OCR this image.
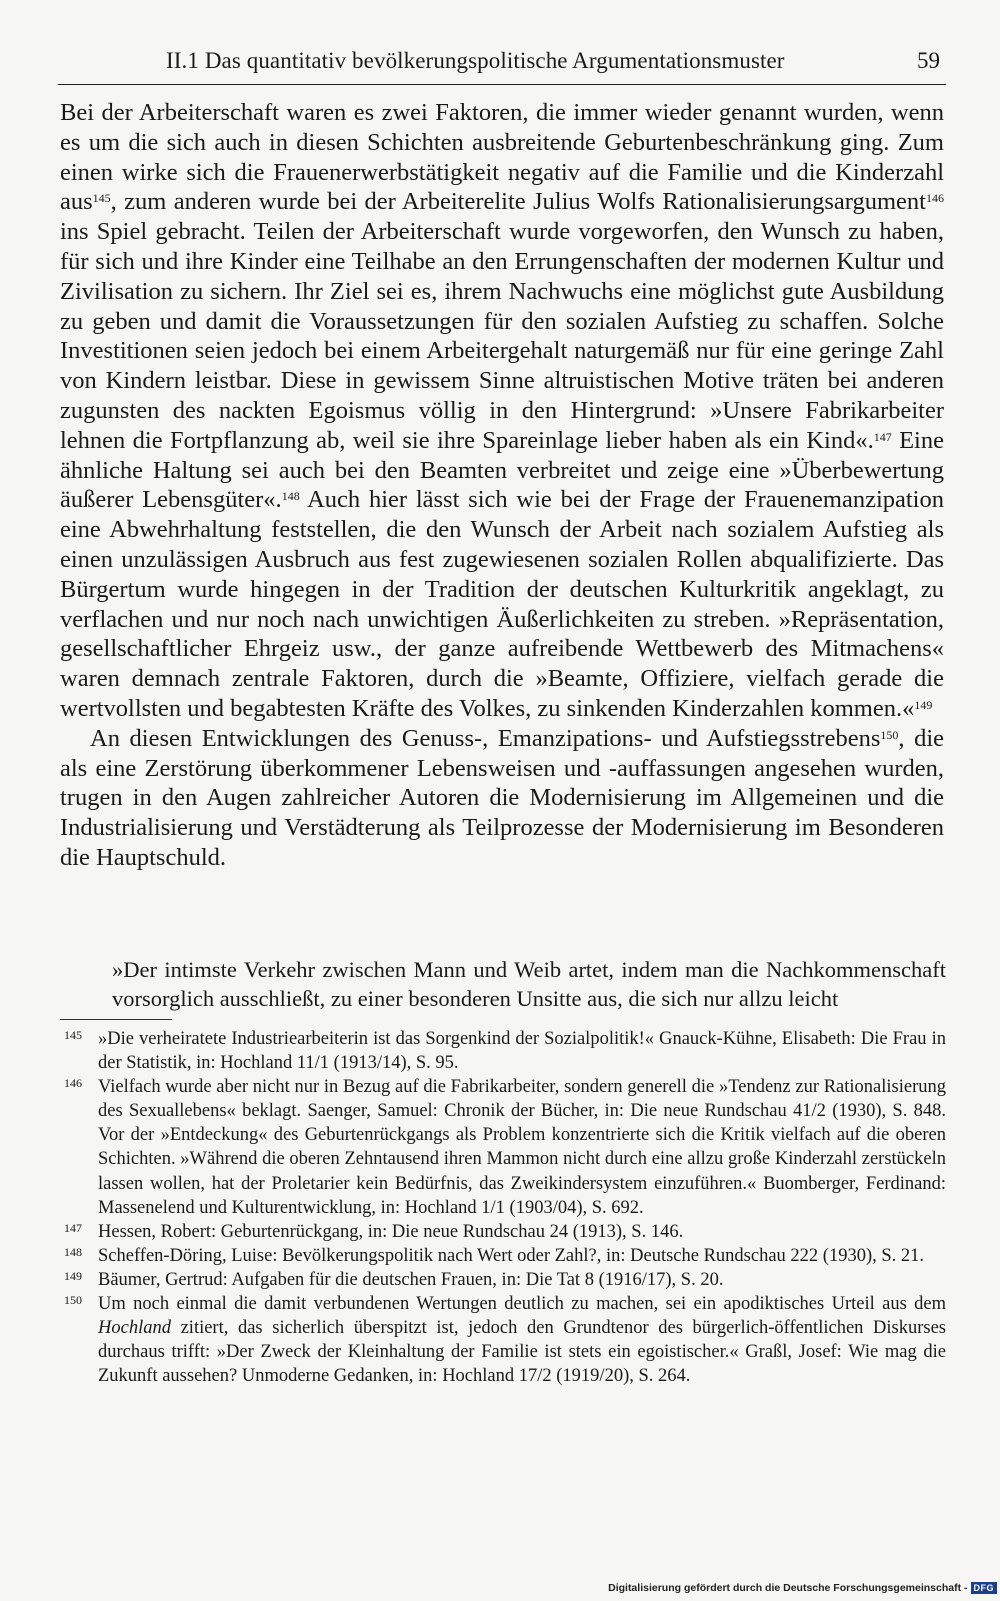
II.1 Das quantitativ bevölkerungspolitische Argumentationsmuster	59

Bei der Arbeiterschaft waren es zwei Faktoren, die immer wieder genannt wurden, wenn es um die sich auch in diesen Schichten ausbreitende Geburtenbeschränkung ging. Zum einen wirke sich die Frauenerwerbstätigkeit negativ auf die Familie und die Kinderzahl aus$^{145}$, zum anderen wurde bei der Arbeiterelite Julius Wolfs Rationalisierungsargument$^{146}$ ins Spiel gebracht. Teilen der Arbeiterschaft wurde vorgeworfen, den Wunsch zu haben, für sich und ihre Kinder eine Teilhabe an den Errungenschaften der modernen Kultur und Zivilisation zu sichern. Ihr Ziel sei es, ihrem Nachwuchs eine möglichst gute Ausbildung zu geben und damit die Voraussetzungen für den sozialen Aufstieg zu schaffen. Solche Investitionen seien jedoch bei einem Arbeitergehalt naturgemäß nur für eine geringe Zahl von Kindern leistbar. Diese in gewissem Sinne altruistischen Motive träten bei anderen zugunsten des nackten Egoismus völlig in den Hintergrund: »Unsere Fabrikarbeiter lehnen die Fortpflanzung ab, weil sie ihre Spareinlage lieber haben als ein Kind«.$^{147}$ Eine ähnliche Haltung sei auch bei den Beamten verbreitet und zeige eine »Überbewertung äußerer Lebensgüter«.$^{148}$ Auch hier lässt sich wie bei der Frage der Frauenemanzipation eine Abwehrhaltung feststellen, die den Wunsch der Arbeit nach sozialem Aufstieg als einen unzulässigen Ausbruch aus fest zugewiesenen sozialen Rollen abqualifizierte. Das Bürgertum wurde hingegen in der Tradition der deutschen Kulturkritik angeklagt, zu verflachen und nur noch nach unwichtigen Äußerlichkeiten zu streben. »Repräsentation, gesellschaftlicher Ehrgeiz usw., der ganze aufreibende Wettbewerb des Mitmachens« waren demnach zentrale Faktoren, durch die »Beamte, Offiziere, vielfach gerade die wertvollsten und begabtesten Kräfte des Volkes, zu sinkenden Kinderzahlen kommen.«$^{149}$

An diesen Entwicklungen des Genuss-, Emanzipations- und Aufstiegsstrebens$^{150}$, die als eine Zerstörung überkommener Lebensweisen und -auffassungen angesehen wurden, trugen in den Augen zahlreicher Autoren die Modernisierung im Allgemeinen und die Industrialisierung und Verstädterung als Teilprozesse der Modernisierung im Besonderen die Hauptschuld.

»Der intimste Verkehr zwischen Mann und Weib artet, indem man die Nachkommenschaft vorsorglich ausschließt, zu einer besonderen Unsitte aus, die sich nur allzu leicht
145 »Die verheiratete Industriearbeiterin ist das Sorgenkind der Sozialpolitik!« Gnauck-Kühne, Elisabeth: Die Frau in der Statistik, in: Hochland 11/1 (1913/14), S. 95.
146 Vielfach wurde aber nicht nur in Bezug auf die Fabrikarbeiter, sondern generell die »Tendenz zur Rationalisierung des Sexuallebens« beklagt. Saenger, Samuel: Chronik der Bücher, in: Die neue Rundschau 41/2 (1930), S. 848. Vor der »Entdeckung« des Geburtenrückgangs als Problem konzentrierte sich die Kritik vielfach auf die oberen Schichten. »Während die oberen Zehntausend ihren Mammon nicht durch eine allzu große Kinderzahl zerstückeln lassen wollen, hat der Proletarier kein Bedürfnis, das Zweikindersystem einzuführen.« Buomberger, Ferdinand: Massenelend und Kulturentwicklung, in: Hochland 1/1 (1903/04), S. 692.
147 Hessen, Robert: Geburtenrückgang, in: Die neue Rundschau 24 (1913), S. 146.
148 Scheffen-Döring, Luise: Bevölkerungspolitik nach Wert oder Zahl?, in: Deutsche Rundschau 222 (1930), S. 21.
149 Bäumer, Gertrud: Aufgaben für die deutschen Frauen, in: Die Tat 8 (1916/17), S. 20.
150 Um noch einmal die damit verbundenen Wertungen deutlich zu machen, sei ein apodiktisches Urteil aus dem Hochland zitiert, das sicherlich überspitzt ist, jedoch den Grundtenor des bürgerlich-öffentlichen Diskurses durchaus trifft: »Der Zweck der Kleinhaltung der Familie ist stets ein egoistischer.« Graßl, Josef: Wie mag die Zukunft aussehen? Unmoderne Gedanken, in: Hochland 17/2 (1919/20), S. 264.
Digitalisierung gefördert durch die Deutsche Forschungsgemeinschaft - DFG
